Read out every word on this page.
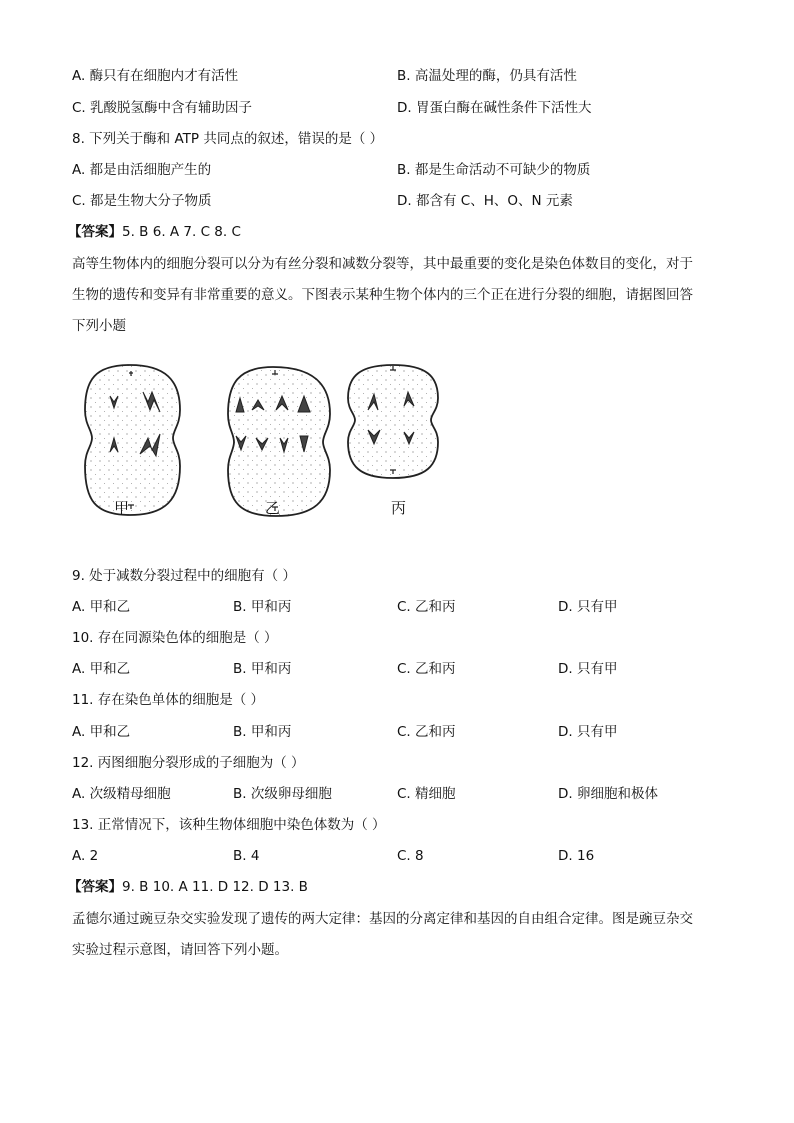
A. 酶只有在细胞内才有活性	B. 高温处理的酶，仍具有活性
C. 乳酸脱氢酶中含有辅助因子	D. 胃蛋白酶在碱性条件下活性大
8. 下列关于酶和 ATP 共同点的叙述，错误的是（ ）
A. 都是由活细胞产生的	B. 都是生命活动不可缺少的物质
C. 都是生物大分子物质	D. 都含有 C、H、O、N 元素
【答案】5. B 6. A 7. C 8. C
高等生物体内的细胞分裂可以分为有丝分裂和减数分裂等，其中最重要的变化是染色体数目的变化，对于
生物的遗传和变异有非常重要的意义。下图表示某种生物个体内的三个正在进行分裂的细胞，请据图回答
下列小题
甲	乙	丙
9. 处于减数分裂过程中的细胞有（ ）
A. 甲和乙	B. 甲和丙	C. 乙和丙	D. 只有甲
10. 存在同源染色体的细胞是（ ）
A. 甲和乙	B. 甲和丙	C. 乙和丙	D. 只有甲
11. 存在染色单体的细胞是（ ）
A. 甲和乙	B. 甲和丙	C. 乙和丙	D. 只有甲
12. 丙图细胞分裂形成的子细胞为（ ）
A. 次级精母细胞	B. 次级卵母细胞	C. 精细胞	D. 卵细胞和极体
13. 正常情况下，该种生物体细胞中染色体数为（ ）
A. 2	B. 4	C. 8	D. 16
【答案】9. B 10. A 11. D 12. D 13. B
孟德尔通过豌豆杂交实验发现了遗传的两大定律：基因的分离定律和基因的自由组合定律。图是豌豆杂交
实验过程示意图，请回答下列小题。
